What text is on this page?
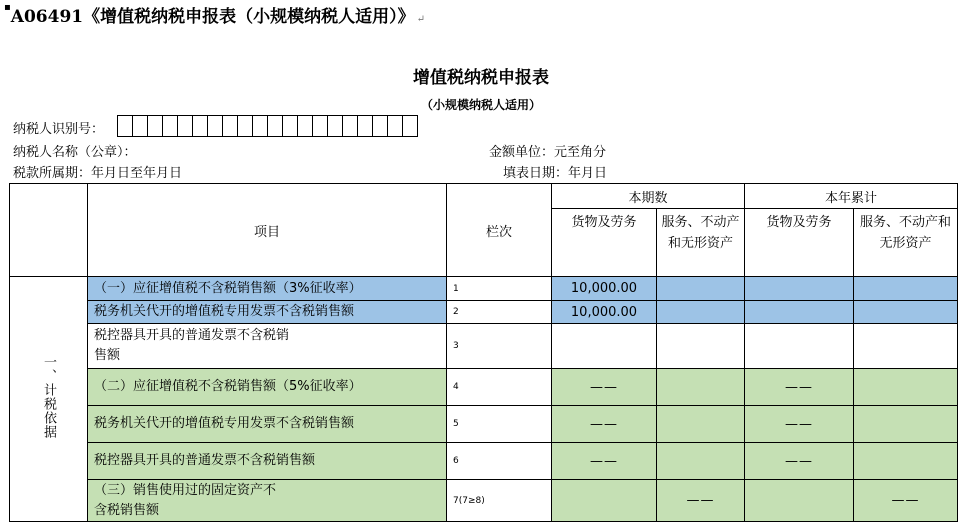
▪A06491《增值税纳税申报表（小规模纳税人适用）》 ↵
增值税纳税申报表
（小规模纳税人适用）
纳税人识别号：
纳税人名称（公章）：	金额单位：元至角分
税款所属期：年月日至年月日	填表日期：年月日
	项目	栏次	本期数		本年累计	
			货物及劳务	服务、不动产和无形资产	货物及劳务	服务、不动产和无形资产
一、计税依据	（一）应征增值税不含税销售额（3%征收率）	1	10,000.00			
	税务机关代开的增值税专用发票不含税销售额	2	10,000.00			
	税控器具开具的普通发票不含税销售额	3				
	（二）应征增值税不含税销售额（5%征收率）	4	——		——	
	税务机关代开的增值税专用发票不含税销售额	5	——		——	
	税控器具开具的普通发票不含税销售额	6	——		——	
	（三）销售使用过的固定资产不含税销售额	7(7≥8)		——		——
